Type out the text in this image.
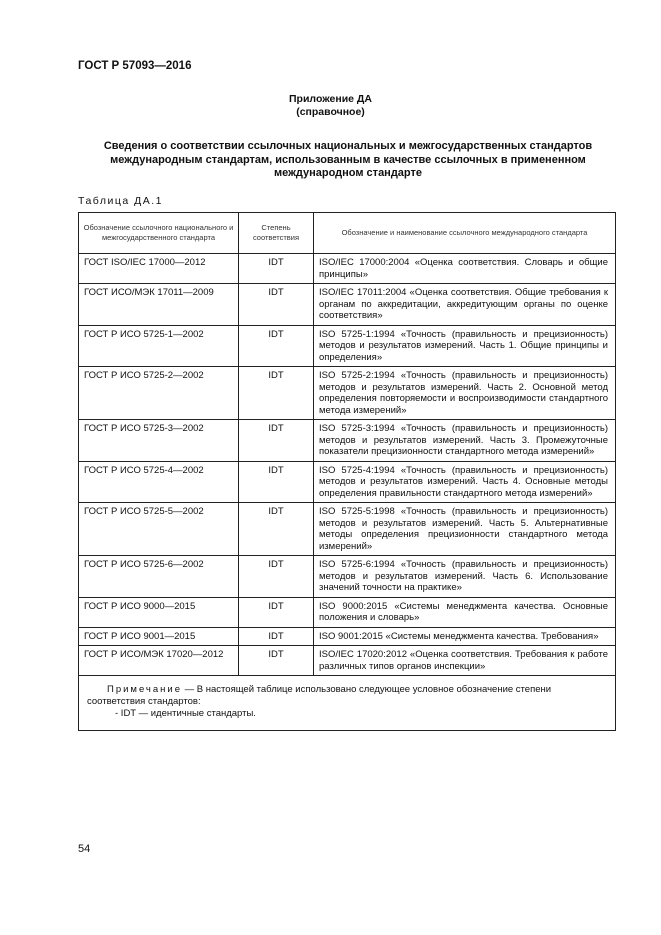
ГОСТ Р 57093—2016
Приложение ДА
(справочное)
Сведения о соответствии ссылочных национальных и межгосударственных стандартов международным стандартам, использованным в качестве ссылочных в примененном международном стандарте
Таблица ДА.1
Обозначение ссылочного национального и межгосударственного стандарта	Степень соответствия	Обозначение и наименование ссылочного международного стандарта
ГОСТ ISO/IEC 17000—2012	IDT	ISO/IEC 17000:2004 «Оценка соответствия. Словарь и общие принципы»
ГОСТ ИСО/МЭК 17011—2009	IDT	ISO/IEC 17011:2004 «Оценка соответствия. Общие требования к органам по аккредитации, аккредитующим органы по оценке соответствия»
ГОСТ Р ИСО 5725-1—2002	IDT	ISO 5725-1:1994 «Точность (правильность и прецизионность) методов и результатов измерений. Часть 1. Общие принципы и определения»
ГОСТ Р ИСО 5725-2—2002	IDT	ISO 5725-2:1994 «Точность (правильность и прецизионность) методов и результатов измерений. Часть 2. Основной метод определения повторяемости и воспроизводимости стандартного метода измерений»
ГОСТ Р ИСО 5725-3—2002	IDT	ISO 5725-3:1994 «Точность (правильность и прецизионность) методов и результатов измерений. Часть 3. Промежуточные показатели прецизионности стандартного метода измерений»
ГОСТ Р ИСО 5725-4—2002	IDT	ISO 5725-4:1994 «Точность (правильность и прецизионность) методов и результатов измерений. Часть 4. Основные методы определения правильности стандартного метода измерений»
ГОСТ Р ИСО 5725-5—2002	IDT	ISO 5725-5:1998 «Точность (правильность и прецизионность) методов и результатов измерений. Часть 5. Альтернативные методы определения прецизионности стандартного метода измерений»
ГОСТ Р ИСО 5725-6—2002	IDT	ISO 5725-6:1994 «Точность (правильность и прецизионность) методов и результатов измерений. Часть 6. Использование значений точности на практике»
ГОСТ Р ИСО 9000—2015	IDT	ISO 9000:2015 «Системы менеджмента качества. Основные положения и словарь»
ГОСТ Р ИСО 9001—2015	IDT	ISO 9001:2015 «Системы менеджмента качества. Требования»
ГОСТ Р ИСО/МЭК 17020—2012	IDT	ISO/IEC 17020:2012 «Оценка соответствия. Требования к работе различных типов органов инспекции»
Примечание — В настоящей таблице использовано следующее условное обозначение степени соответствия стандартов:
- IDT — идентичные стандарты.		
54
